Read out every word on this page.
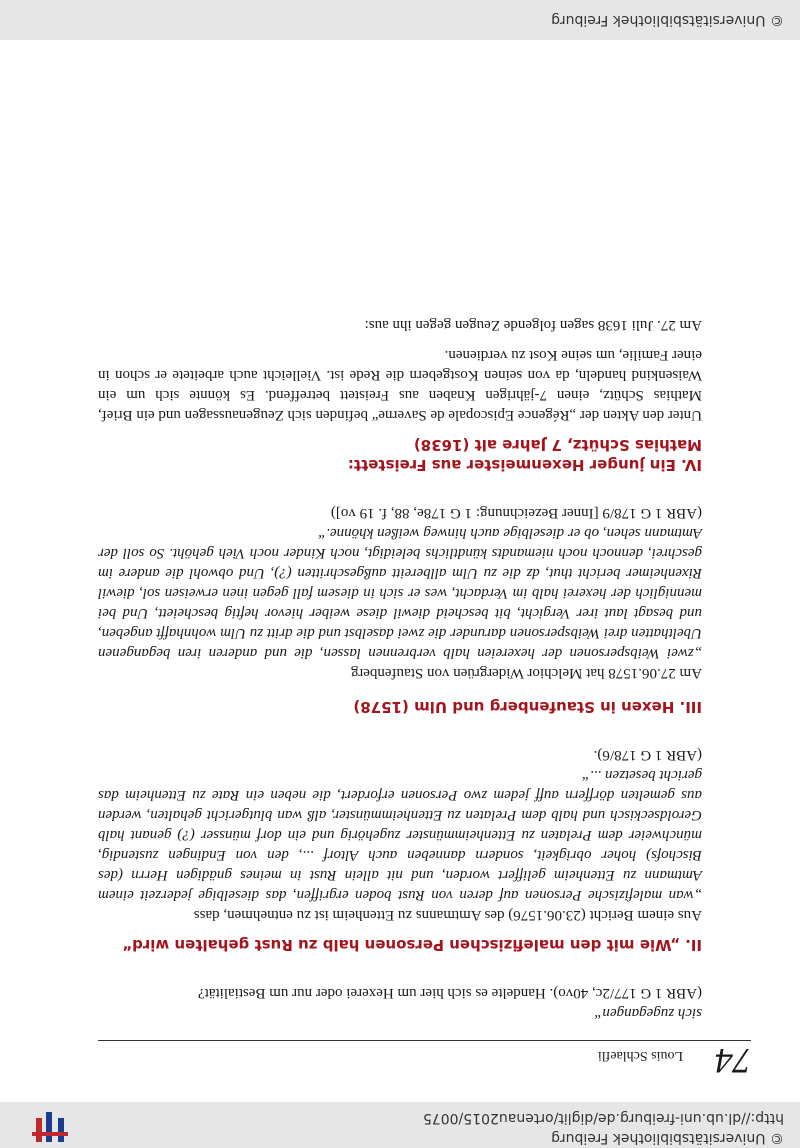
© Universitätsbibliothek Freiburg
http://dl.ub.uni-freiburg.de/diglit/ortenau2015/0075
74
Louis Schlaefli

sich zugegangen“

(ABR 1 G 177/2c, 40vo). Handelte es sich hier um Hexerei oder nur um Bestialität?

II. „Wie mit den malefizischen Personen halb zu Rust gehalten wird“

Aus einem Bericht (23.06.1576) des Amtmanns zu Ettenheim ist zu entnehmen, dass

„wan malefizische Personen auf deren von Rust boden ergriffen, das dieselbige jederzeit einem Amtmann zu Ettenheim geliffert worden, und nit allein Rust in meines gnädigen Herrn (des Bischofs) hoher obrigkeit, sondern danneben auch Altorf ..., den von Endingen zustendig, münchweier dem Prelaten zu Ettenheimmünster zugehörig und ein dorf münsser (?) genant halb Geroldseckisch und halb dem Prelaten zu Ettenheimmünster, alß wan blutgericht gehalten, werden aus gemelten dörffern auff jedem zwo Personen erfordert, die neben ein Rate zu Ettenheim das gericht besetzen ...“

(ABR 1 G 178/6).

III. Hexen in Staufenberg und Ulm (1578)

Am 27.06.1578 hat Melchior Widergrüen von Staufenberg

„zwei Weibspersonen der hexereien halb verbrennen lassen, die und anderen iren begangenen Ubelthatten drei Weibspersonen darunder die zwei daselbst und die dritt zu Ulm wohnhafft angeben, und besagt laut irer Vergicht, bit bescheid diewil diese weiber hievor heftig bescheiett, Und bei menniglich der hexerei halb im Verdacht, wes er sich in diesem fall gegen inen erweisen sol, diewil Rixenheimer bericht thut, dz die zu Ulm allbereitt außgeschritten (?), Und obwohl die andere im geschrei, dennoch noch niemandts kündtlichs beleidigt, noch Kinder noch Vieh gehöht. So soll der Amtmann sehen, ob er dieselbige auch hinweg weißen khönne.“

(ABR 1 G 178/9 [Inner Bezeichnung: 1 G 178e, 88, f. 19 vo])

IV. Ein junger Hexenmeister aus Freistett:

Mathias Schütz, 7 Jahre alt (1638)

Unter den Akten der „Régence Episcopale de Saverne“ befinden sich Zeugenaussagen und ein Brief, Mathias Schütz, einen 7-jährigen Knaben aus Freistett betreffend. Es könnte sich um ein Waisenkind handeln, da von seinen Kostgebern die Rede ist. Vielleicht auch arbeitete er schon in einer Familie, um seine Kost zu verdienen.

Am 27. Juli 1638 sagen folgende Zeugen gegen ihn aus:

© Universitätsbibliothek Freiburg
